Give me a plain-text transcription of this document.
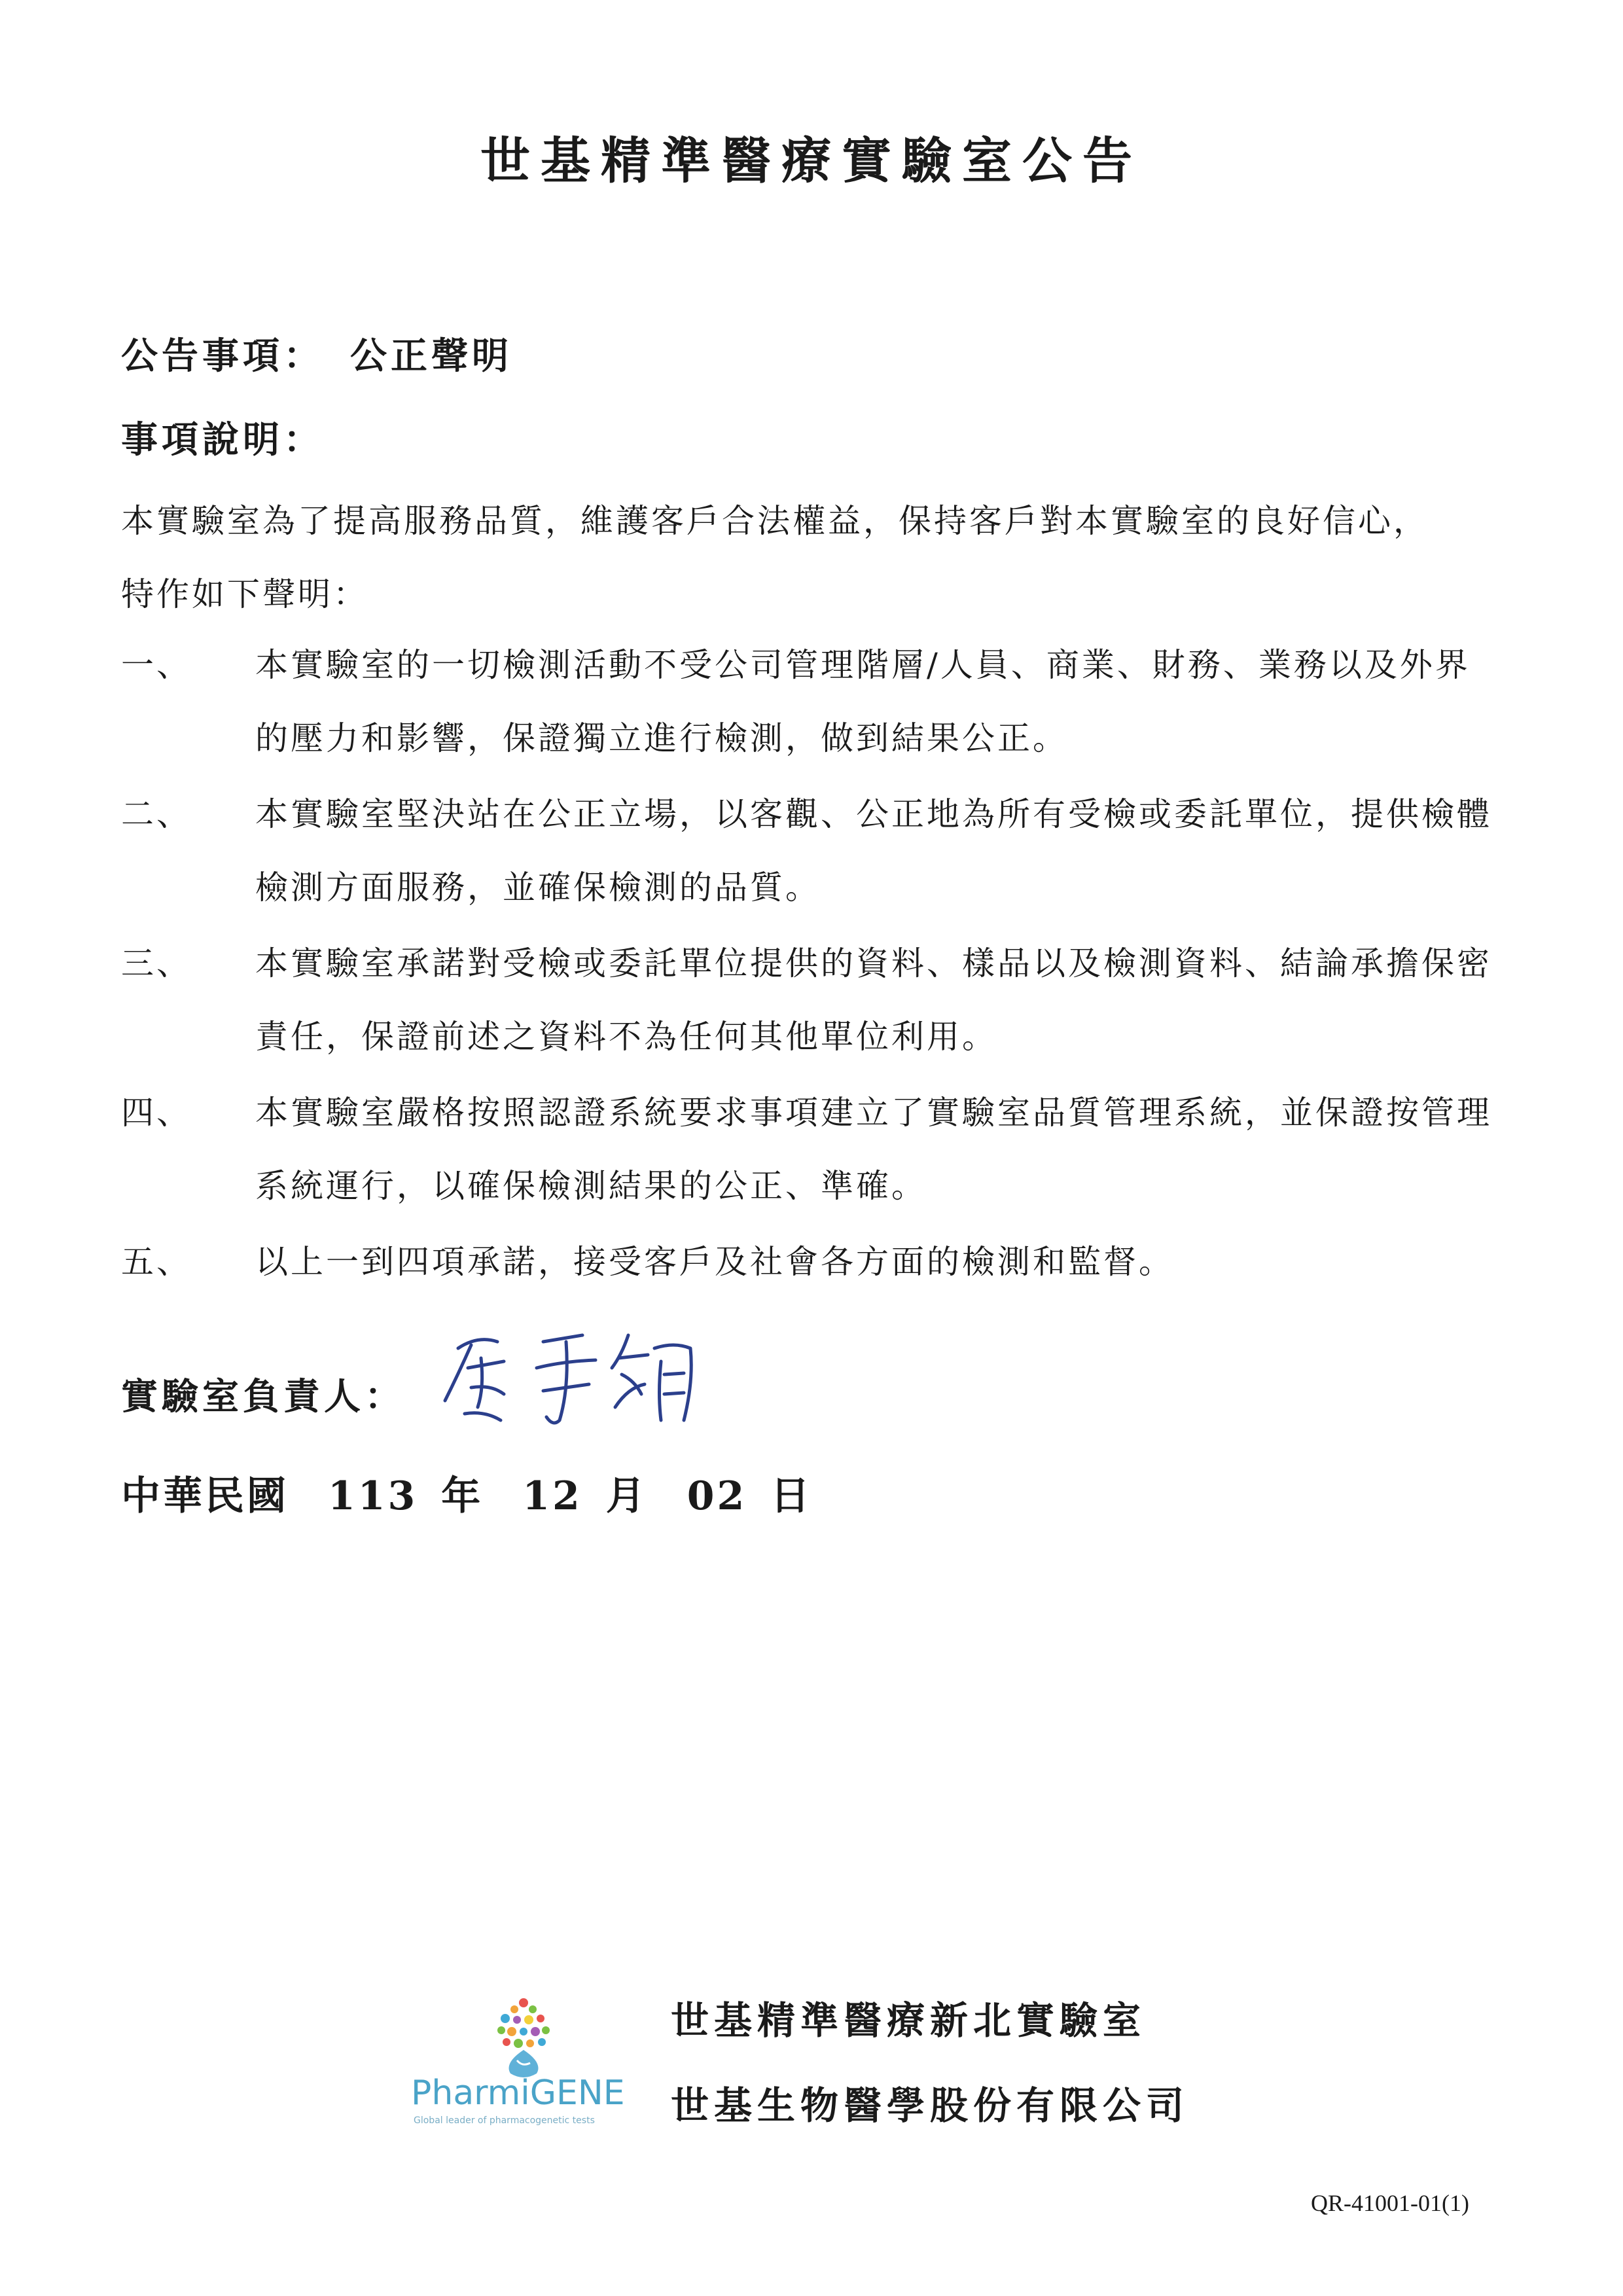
世基精準醫療實驗室公告
公告事項： 公正聲明
事項說明：

本實驗室為了提高服務品質，維護客戶合法權益，保持客戶對本實驗室的良好信心，

特作如下聲明：

一、	本實驗室的一切檢測活動不受公司管理階層/人員、商業、財務、業務以及外界的壓力和影響，保證獨立進行檢測，做到結果公正。
二、	本實驗室堅決站在公正立場，以客觀、公正地為所有受檢或委託單位，提供檢體檢測方面服務，並確保檢測的品質。
三、	本實驗室承諾對受檢或委託單位提供的資料、樣品以及檢測資料、結論承擔保密責任，保證前述之資料不為任何其他單位利用。
四、	本實驗室嚴格按照認證系統要求事項建立了實驗室品質管理系統，並保證按管理系統運行，以確保檢測結果的公正、準確。
五、	以上一到四項承諾，接受客戶及社會各方面的檢測和監督。
實驗室負責人：
中華民國 113 年 12 月 02 日
PharmiGENE
Global leader of pharmacogenetic tests
世基精準醫療新北實驗室
世基生物醫學股份有限公司
QR-41001-01(1)
